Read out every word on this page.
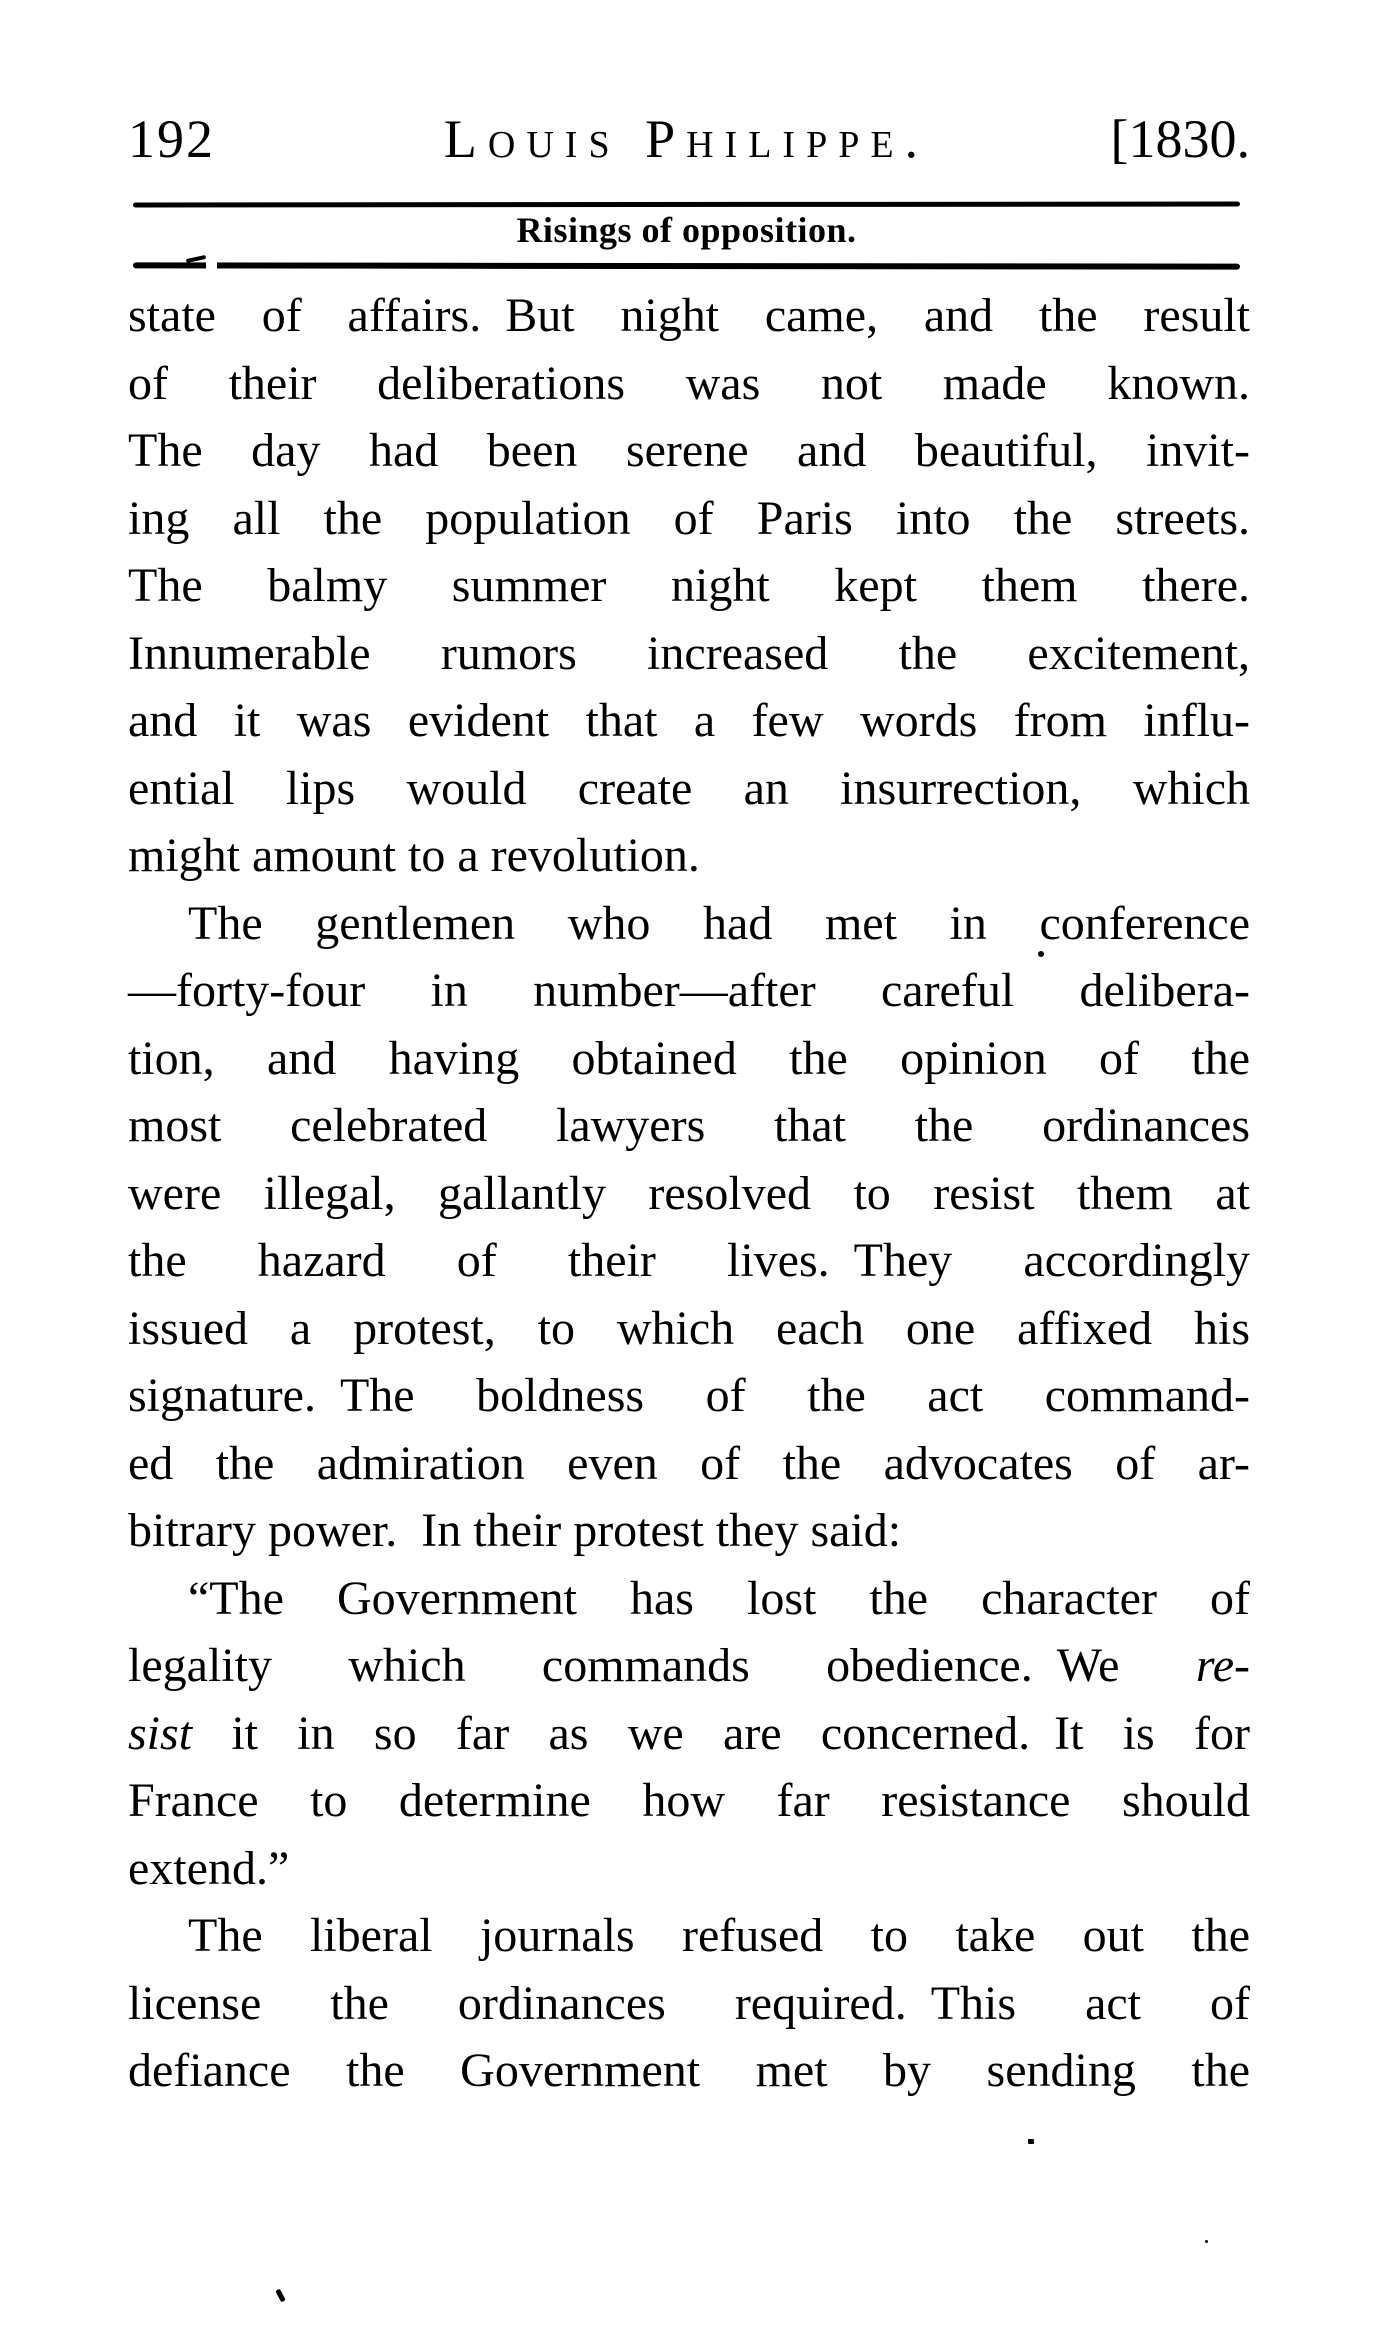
192	Louis Philippe.	[1830.
Risings of opposition.
state of affairs. But night came, and the result
of their deliberations was not made known.
The day had been serene and beautiful, invit-
ing all the population of Paris into the streets.
The balmy summer night kept them there.
Innumerable rumors increased the excitement,
and it was evident that a few words from influ-
ential lips would create an insurrection, which
might amount to a revolution.
The gentlemen who had met in conference
—forty-four in number—after careful delibera-
tion, and having obtained the opinion of the
most celebrated lawyers that the ordinances
were illegal, gallantly resolved to resist them at
the hazard of their lives. They accordingly
issued a protest, to which each one affixed his
signature. The boldness of the act command-
ed the admiration even of the advocates of ar-
bitrary power. In their protest they said:
“The Government has lost the character of
legality which commands obedience. We re-
sist it in so far as we are concerned. It is for
France to determine how far resistance should
extend.”
The liberal journals refused to take out the
license the ordinances required. This act of
defiance the Government met by sending the
